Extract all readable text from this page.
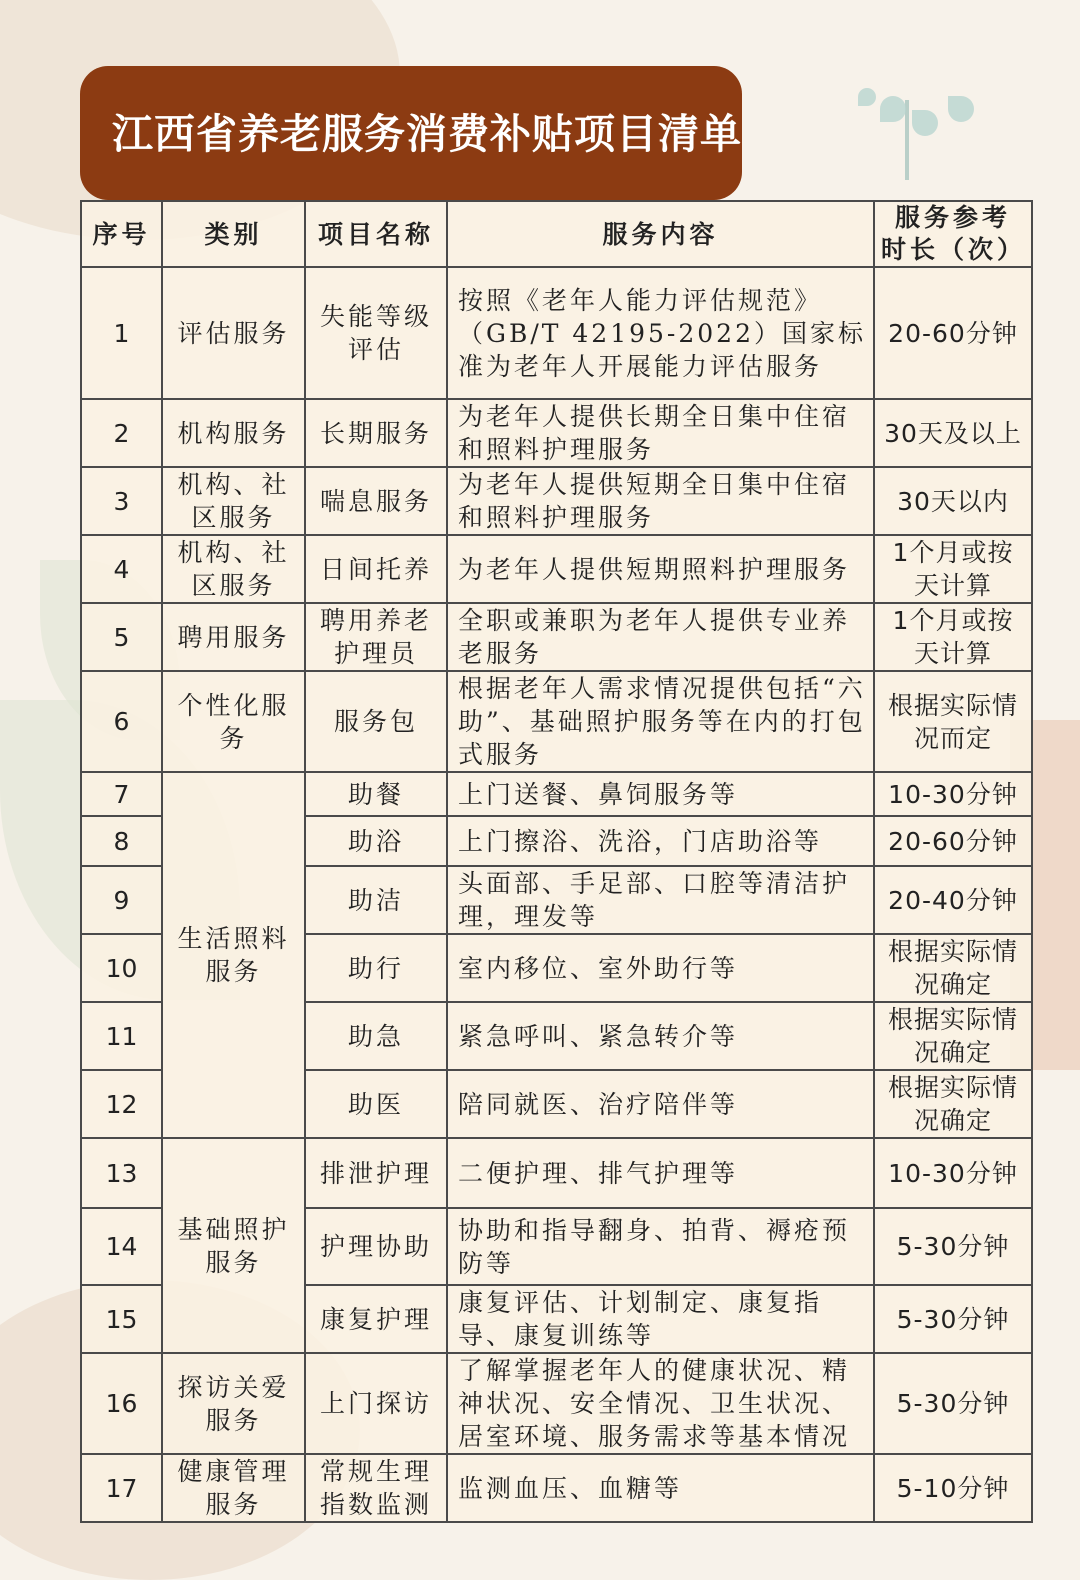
江西省养老服务消费补贴项目清单
序号	类别	项目名称	服务内容	服务参考时长（次）
1	评估服务	失能等级评估	按照《老年人能力评估规范》（GB/T 42195-2022）国家标准为老年人开展能力评估服务	20-60分钟
2	机构服务	长期服务	为老年人提供长期全日集中住宿和照料护理服务	30天及以上
3	机构、社区服务	喘息服务	为老年人提供短期全日集中住宿和照料护理服务	30天以内
4	机构、社区服务	日间托养	为老年人提供短期照料护理服务	1个月或按天计算
5	聘用服务	聘用养老护理员	全职或兼职为老年人提供专业养老服务	1个月或按天计算
6	个性化服务	服务包	根据老年人需求情况提供包括“六助”、基础照护服务等在内的打包式服务	根据实际情况而定
7	生活照料服务	助餐	上门送餐、鼻饲服务等	10-30分钟
8		助浴	上门擦浴、洗浴，门店助浴等	20-60分钟
9		助洁	头面部、手足部、口腔等清洁护理，理发等	20-40分钟
10		助行	室内移位、室外助行等	根据实际情况确定
11		助急	紧急呼叫、紧急转介等	根据实际情况确定
12		助医	陪同就医、治疗陪伴等	根据实际情况确定
13	基础照护服务	排泄护理	二便护理、排气护理等	10-30分钟
14		护理协助	协助和指导翻身、拍背、褥疮预防等	5-30分钟
15		康复护理	康复评估、计划制定、康复指导、康复训练等	5-30分钟
16	探访关爱服务	上门探访	了解掌握老年人的健康状况、精神状况、安全情况、卫生状况、居室环境、服务需求等基本情况	5-30分钟
17	健康管理服务	常规生理指数监测	监测血压、血糖等	5-10分钟
